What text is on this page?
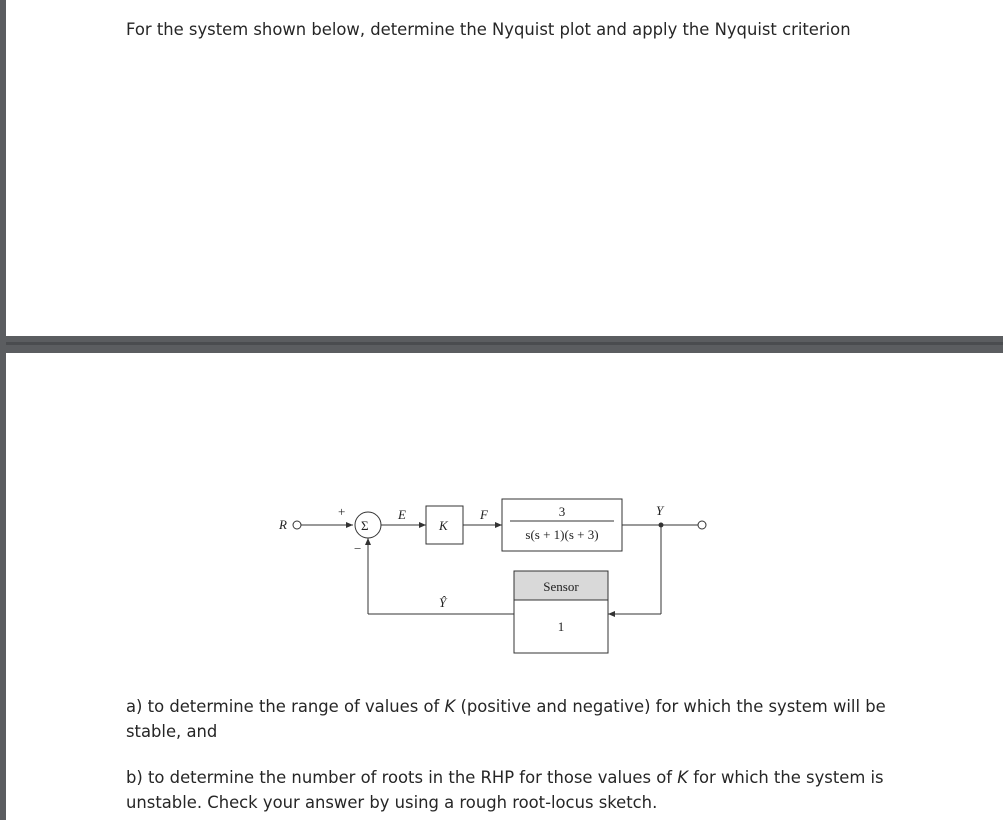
For the system shown below, determine the Nyquist plot and apply the Nyquist criterion
R
+
Σ
−
E
K
F	3
s(s + 1)(s + 3)
Y
Sensor
1
Ŷ
a) to determine the range of values of K (positive and negative) for which the system will be stable, and
b) to determine the number of roots in the RHP for those values of K for which the system is unstable. Check your answer by using a rough root-locus sketch.
